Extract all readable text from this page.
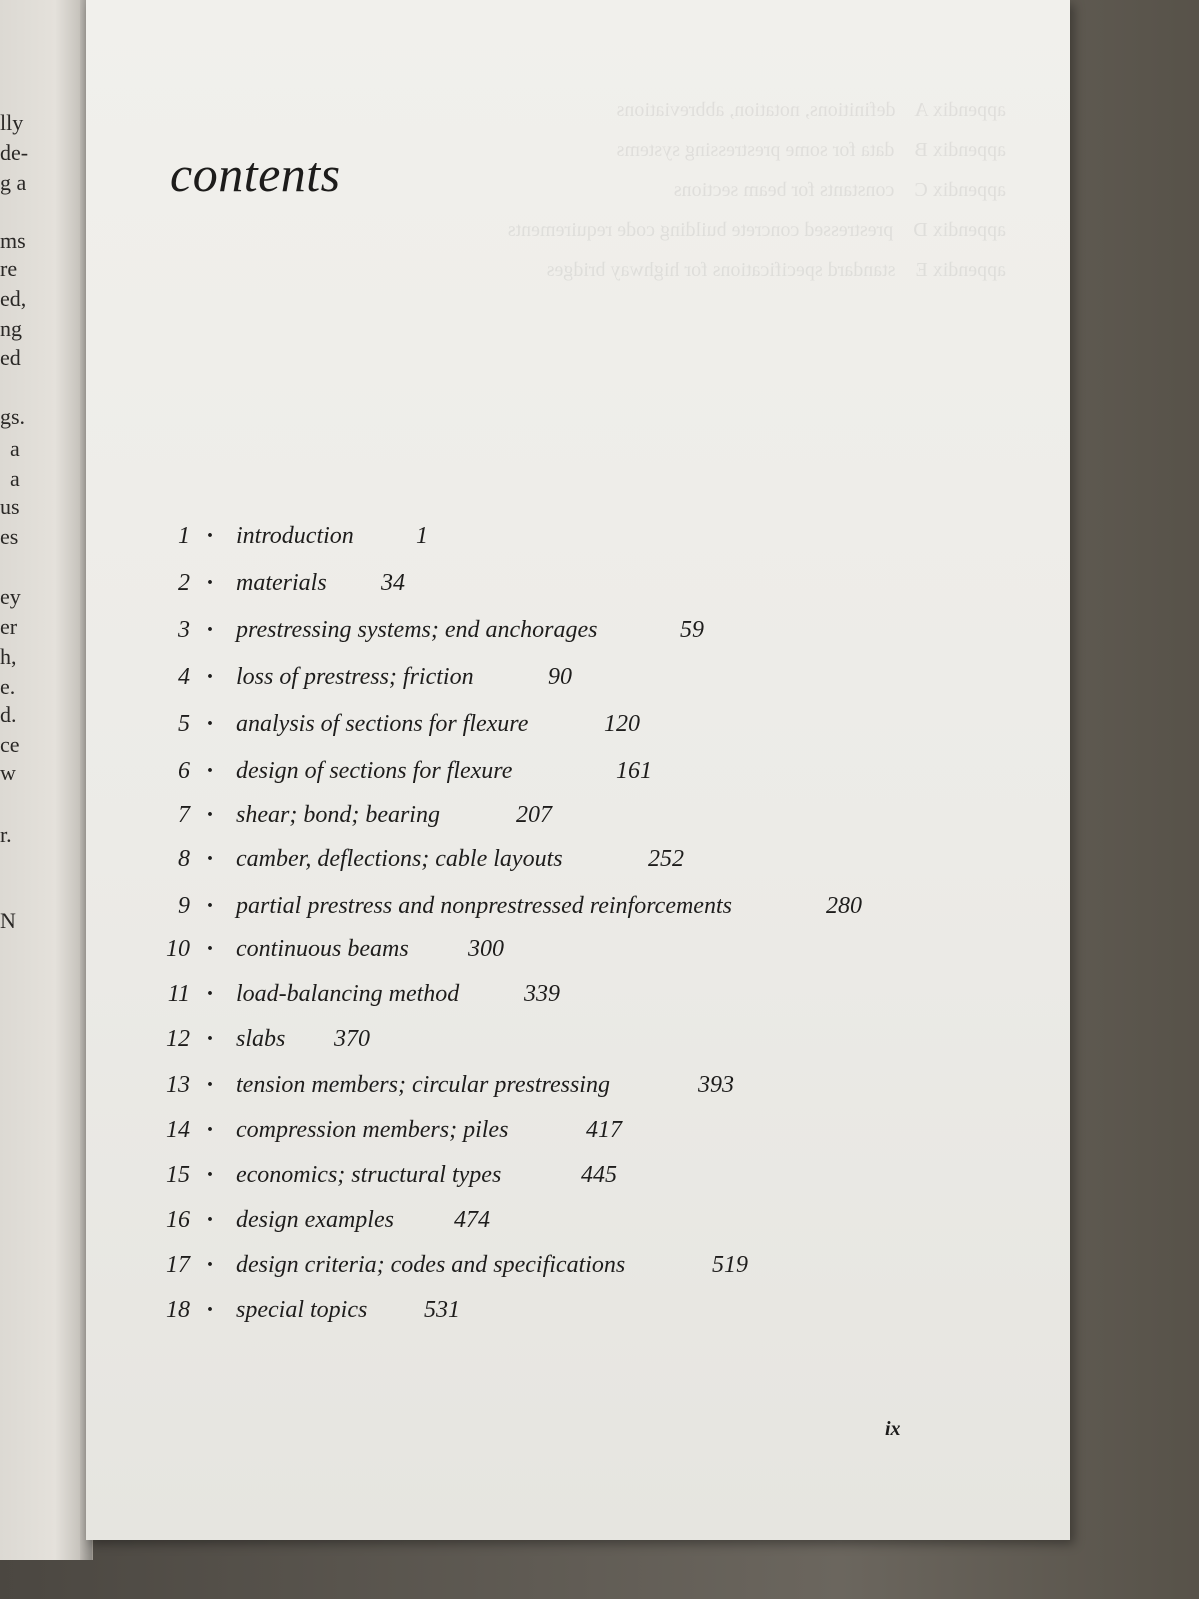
lly
de-
g a
ms
re
ed,
ng
ed
gs.
a
a
us
es
ey
er
h,
e.
d.
ce
w
r.
N
appendix A    definitions, notation, abbreviations
appendix B    data for some prestressing systems
appendix C    constants for beam sections
appendix D    prestressed concrete building code requirements
appendix E    standard specifications for highway bridges
contents
1 · introduction	1
2 · materials 34
3 · prestressing systems; end anchorages	59
4 · loss of prestress; friction	90
5 · analysis of sections for flexure	120
6 · design of sections for flexure	161
7 · shear; bond; bearing	207
8 · camber, deflections; cable layouts	252
9 · partial prestress and nonprestressed reinforcements	280
10 · continuous beams 300
11 · load-balancing method	339
12 · slabs 370
13 · tension members; circular prestressing	393
14 · compression members; piles	417
15 · economics; structural types	445
16 · design examples	474
17 · design criteria; codes and specifications	519
18 · special topics 531
ix
